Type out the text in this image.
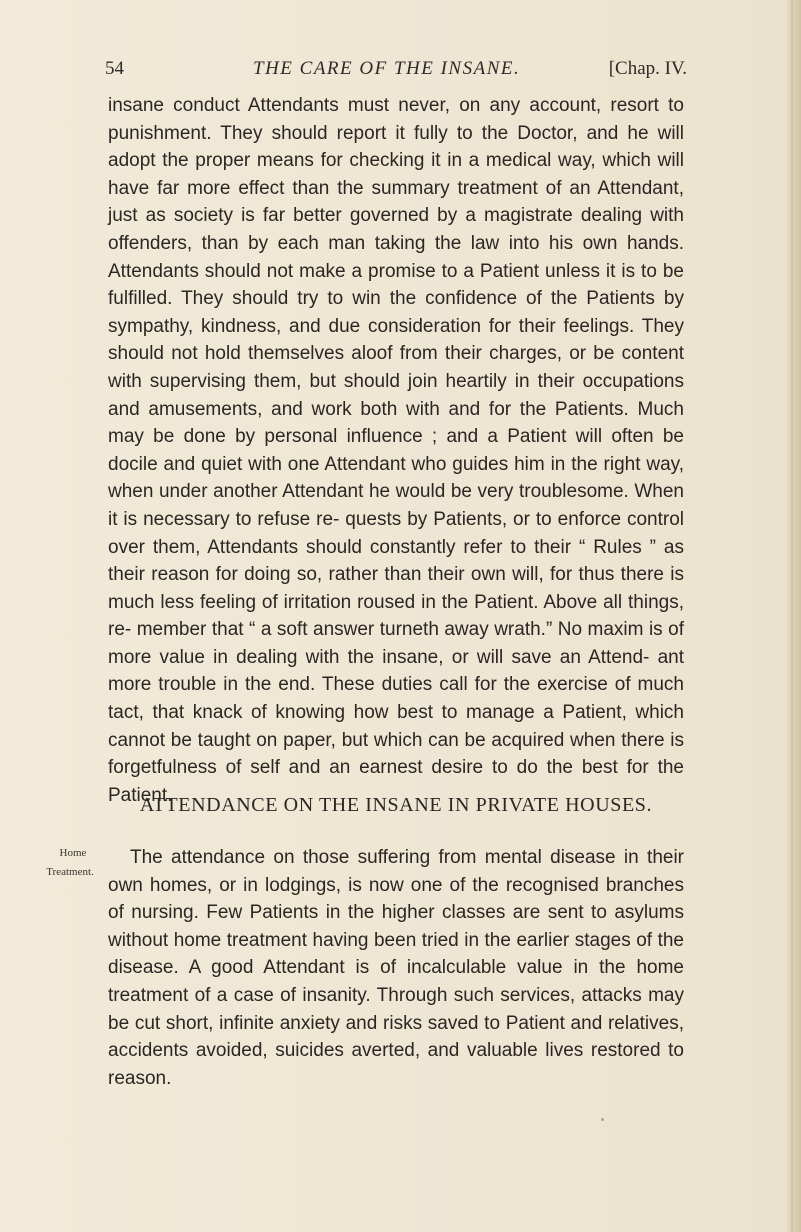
54	THE CARE OF THE INSANE.	[Chap. IV.

insane conduct Attendants must never, on any account, resort to punishment. They should report it fully to the Doctor, and he will adopt the proper means for checking it in a medical way, which will have far more effect than the summary treatment of an Attendant, just as society is far better governed by a magistrate dealing with offenders, than by each man taking the law into his own hands. Attendants should not make a promise to a Patient unless it is to be fulfilled. They should try to win the confidence of the Patients by sympathy, kindness, and due consideration for their feelings. They should not hold themselves aloof from their charges, or be content with supervising them, but should join heartily in their occupations and amusements, and work both with and for the Patients. Much may be done by personal influence ; and a Patient will often be docile and quiet with one Attendant who guides him in the right way, when under another Attendant he would be very troublesome. When it is necessary to refuse re- quests by Patients, or to enforce control over them, Attendants should constantly refer to their “ Rules ” as their reason for doing so, rather than their own will, for thus there is much less feeling of irritation roused in the Patient. Above all things, re- member that “ a soft answer turneth away wrath.” No maxim is of more value in dealing with the insane, or will save an Attend- ant more trouble in the end. These duties call for the exercise of much tact, that knack of knowing how best to manage a Patient, which cannot be taught on paper, but which can be acquired when there is forgetfulness of self and an earnest desire to do the best for the Patient.

ATTENDANCE ON THE INSANE IN PRIVATE HOUSES.
Home
Treatment.

The attendance on those suffering from mental disease in their own homes, or in lodgings, is now one of the recognised branches of nursing. Few Patients in the higher classes are sent to asylums without home treatment having been tried in the earlier stages of the disease. A good Attendant is of incalculable value in the home treatment of a case of insanity. Through such services, attacks may be cut short, infinite anxiety and risks saved to Patient and relatives, accidents avoided, suicides averted, and valuable lives restored to reason.
